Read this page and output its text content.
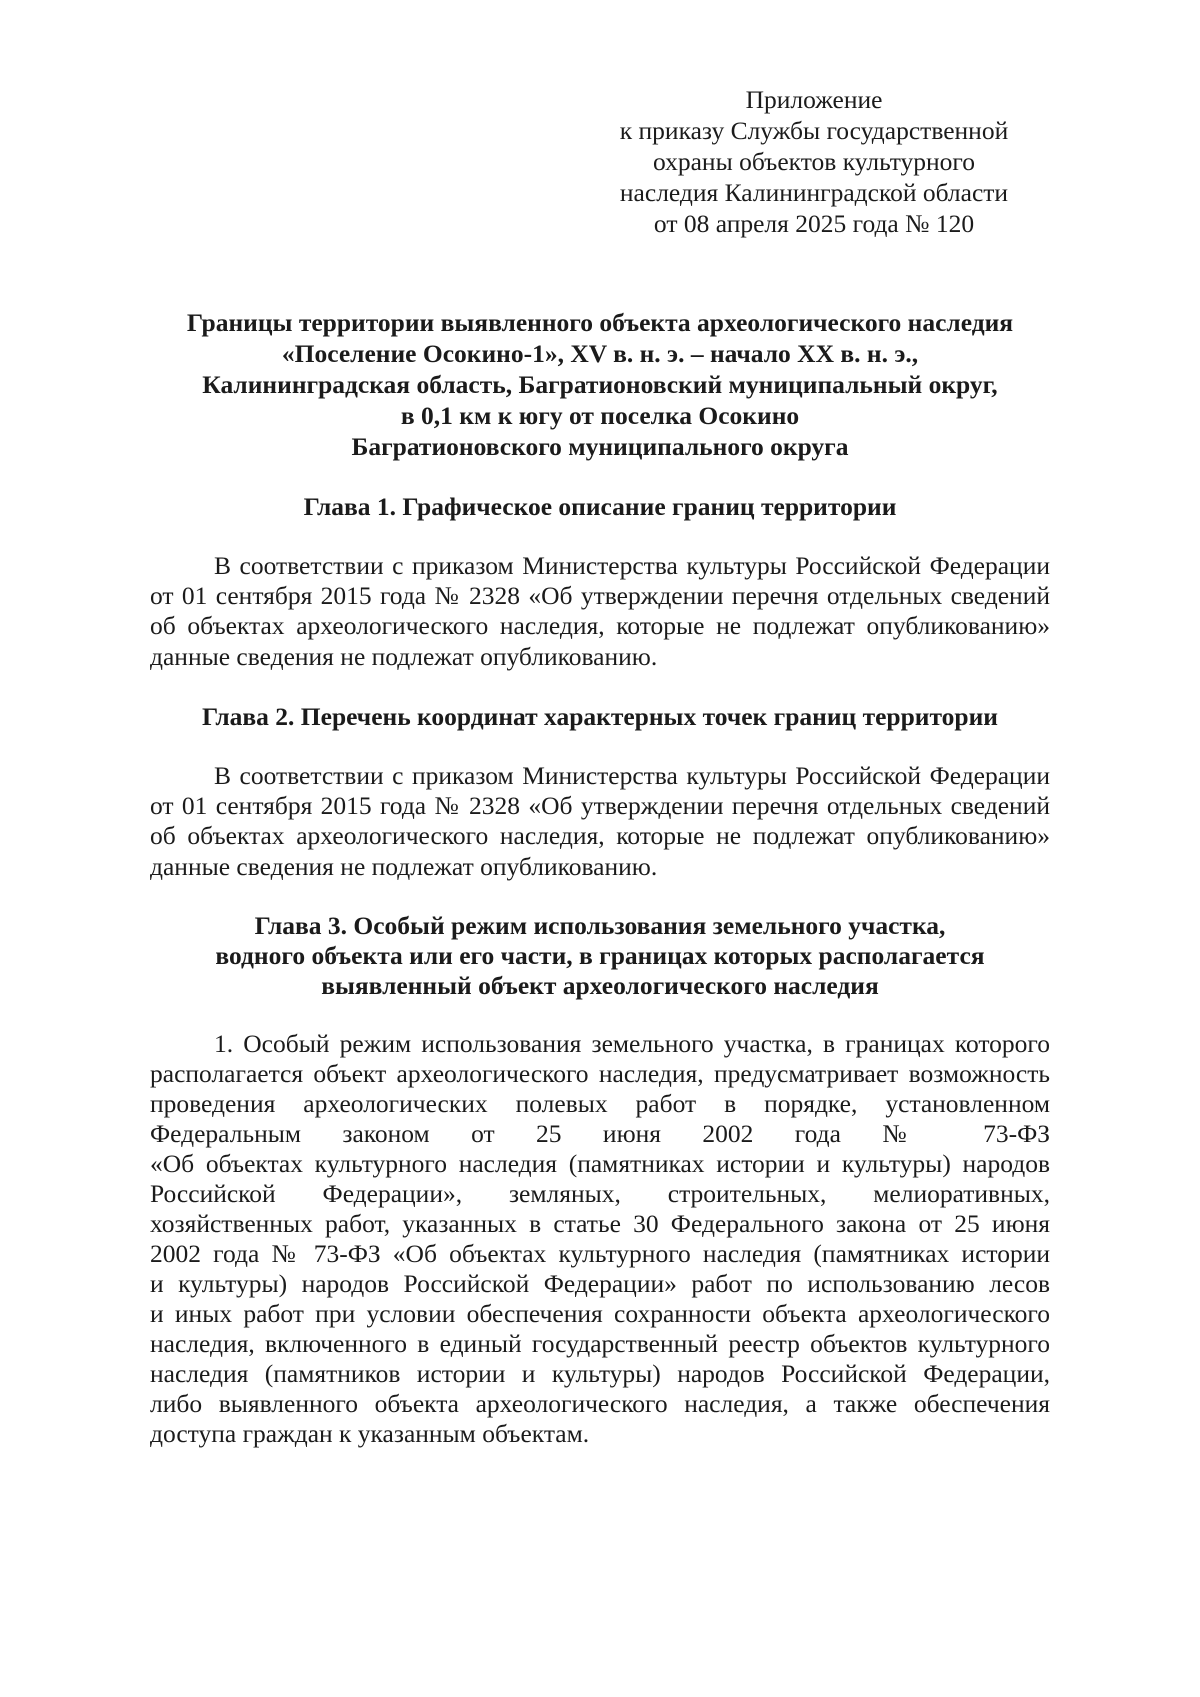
Приложение
к приказу Службы государственной
охраны объектов культурного
наследия Калининградской области
от 08 апреля 2025 года № 120
Границы территории выявленного объекта археологического наследия
«Поселение Осокино-1», XV в. н. э. – начало XX в. н. э.,
Калининградская область, Багратионовский муниципальный округ,
в 0,1 км к югу от поселка Осокино
Багратионовского муниципального округа
Глава 1. Графическое описание границ территории
В соответствии с приказом Министерства культуры Российской Федерации
от 01 сентября 2015 года № 2328 «Об утверждении перечня отдельных сведений
об объектах археологического наследия, которые не подлежат опубликованию»
данные сведения не подлежат опубликованию.
Глава 2. Перечень координат характерных точек границ территории
В соответствии с приказом Министерства культуры Российской Федерации
от 01 сентября 2015 года № 2328 «Об утверждении перечня отдельных сведений
об объектах археологического наследия, которые не подлежат опубликованию»
данные сведения не подлежат опубликованию.
Глава 3. Особый режим использования земельного участка,
водного объекта или его части, в границах которых располагается
выявленный объект археологического наследия
1. Особый режим использования земельного участка, в границах которого
располагается объект археологического наследия, предусматривает возможность
проведения археологических полевых работ в порядке, установленном
Федеральным законом от 25 июня 2002 года № 73-ФЗ
«Об объектах культурного наследия (памятниках истории и культуры) народов
Российской Федерации», земляных, строительных, мелиоративных,
хозяйственных работ, указанных в статье 30 Федерального закона от 25 июня
2002 года № 73-ФЗ «Об объектах культурного наследия (памятниках истории
и культуры) народов Российской Федерации» работ по использованию лесов
и иных работ при условии обеспечения сохранности объекта археологического
наследия, включенного в единый государственный реестр объектов культурного
наследия (памятников истории и культуры) народов Российской Федерации,
либо выявленного объекта археологического наследия, а также обеспечения
доступа граждан к указанным объектам.
